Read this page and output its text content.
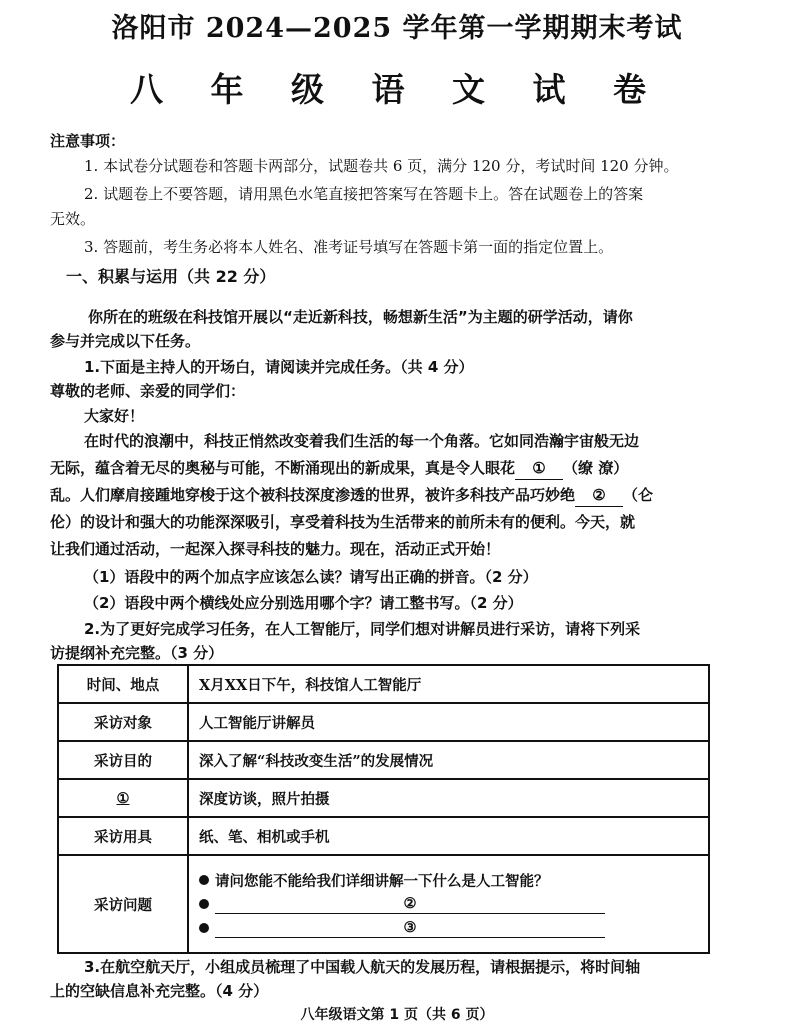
洛阳市 2024—2025 学年第一学期期末考试
八 年 级 语 文 试 卷
注意事项：
1. 本试卷分试题卷和答题卡两部分，试题卷共 6 页，满分 120 分，考试时间 120 分钟。
2. 试题卷上不要答题，请用黑色水笔直接把答案写在答题卡上。答在试题卷上的答案
无效。
3. 答题前，考生务必将本人姓名、准考证号填写在答题卡第一面的指定位置上。
一、积累与运用（共 22 分）
你所在的班级在科技馆开展以“走近新科技，畅想新生活”为主题的研学活动，请你
参与并完成以下任务。
1.下面是主持人的开场白，请阅读并完成任务。（共 4 分）
尊敬的老师、亲爱的同学们：
大家好！
在时代的浪潮中，科技正悄然改变着我们生活的每一个角落。它如同浩瀚宇宙般无边
无际，蕴含着无尽的奥秘与可能，不断涌现出的新成果，真是令人眼花 ① （缭 潦）
乱。人们摩肩接踵地穿梭于这个被科技深度渗透的世界，被许多科技产品巧妙绝 ② （仑
伦）的设计和强大的功能深深吸引，享受着科技为生活带来的前所未有的便利。今天，就
让我们通过活动，一起深入探寻科技的魅力。现在，活动正式开始！
（1）语段中的两个加点字应该怎么读？请写出正确的拼音。（2 分）
（2）语段中两个横线处应分别选用哪个字？请工整书写。（2 分）
2.为了更好完成学习任务，在人工智能厅，同学们想对讲解员进行采访，请将下列采
访提纲补充完整。（3 分）
时间、地点	X月XX日下午，科技馆人工智能厅
采访对象	人工智能厅讲解员
采访目的	深入了解“科技改变生活”的发展情况
①	深度访谈，照片拍摄
采访用具	纸、笔、相机或手机
采访问题	请问您能不能给我们详细讲解一下什么是人工智能？
②
③
3.在航空航天厅，小组成员梳理了中国载人航天的发展历程，请根据提示，将时间轴
上的空缺信息补充完整。（4 分）
八年级语文第 1 页（共 6 页）
